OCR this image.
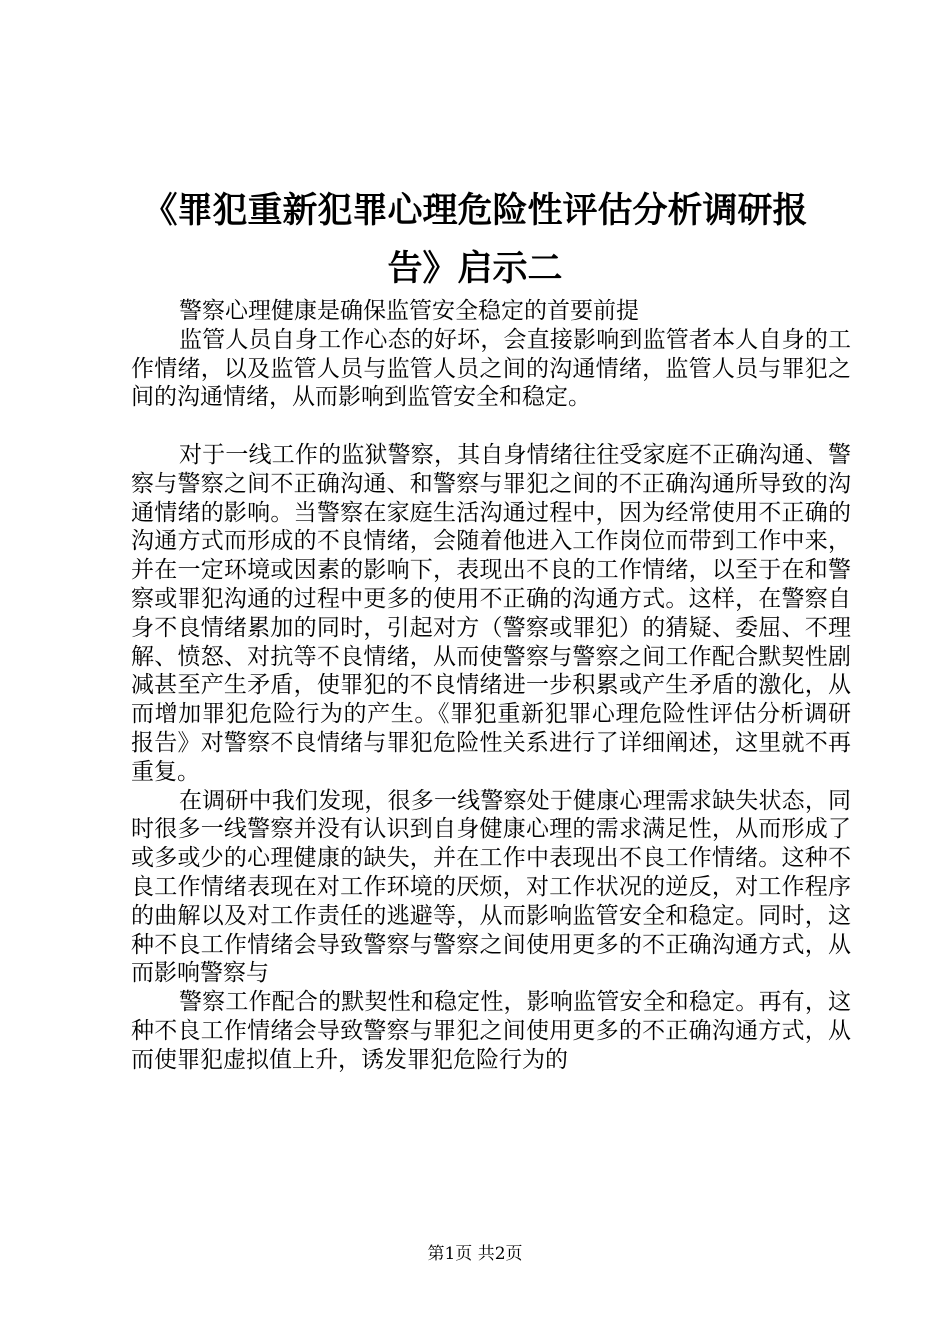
《罪犯重新犯罪心理危险性评估分析调研报
告》启示二

警察心理健康是确保监管安全稳定的首要前提

监管人员自身工作心态的好坏，会直接影响到监管者本人自身的工作情绪，以及监管人员与监管人员之间的沟通情绪，监管人员与罪犯之间的沟通情绪，从而影响到监管安全和稳定。

对于一线工作的监狱警察，其自身情绪往往受家庭不正确沟通、警察与警察之间不正确沟通、和警察与罪犯之间的不正确沟通所导致的沟通情绪的影响。当警察在家庭生活沟通过程中，因为经常使用不正确的沟通方式而形成的不良情绪，会随着他进入工作岗位而带到工作中来，并在一定环境或因素的影响下，表现出不良的工作情绪，以至于在和警察或罪犯沟通的过程中更多的使用不正确的沟通方式。这样，在警察自身不良情绪累加的同时，引起对方（警察或罪犯）的猜疑、委屈、不理解、愤怒、对抗等不良情绪，从而使警察与警察之间工作配合默契性剧减甚至产生矛盾，使罪犯的不良情绪进一步积累或产生矛盾的激化，从而增加罪犯危险行为的产生。《罪犯重新犯罪心理危险性评估分析调研报告》对警察不良情绪与罪犯危险性关系进行了详细阐述，这里就不再重复。

在调研中我们发现，很多一线警察处于健康心理需求缺失状态，同时很多一线警察并没有认识到自身健康心理的需求满足性，从而形成了或多或少的心理健康的缺失，并在工作中表现出不良工作情绪。这种不良工作情绪表现在对工作环境的厌烦，对工作状况的逆反，对工作程序的曲解以及对工作责任的逃避等，从而影响监管安全和稳定。同时，这种不良工作情绪会导致警察与警察之间使用更多的不正确沟通方式，从而影响警察与

警察工作配合的默契性和稳定性，影响监管安全和稳定。再有，这种不良工作情绪会导致警察与罪犯之间使用更多的不正确沟通方式，从而使罪犯虚拟值上升，诱发罪犯危险行为的

第1页 共2页
